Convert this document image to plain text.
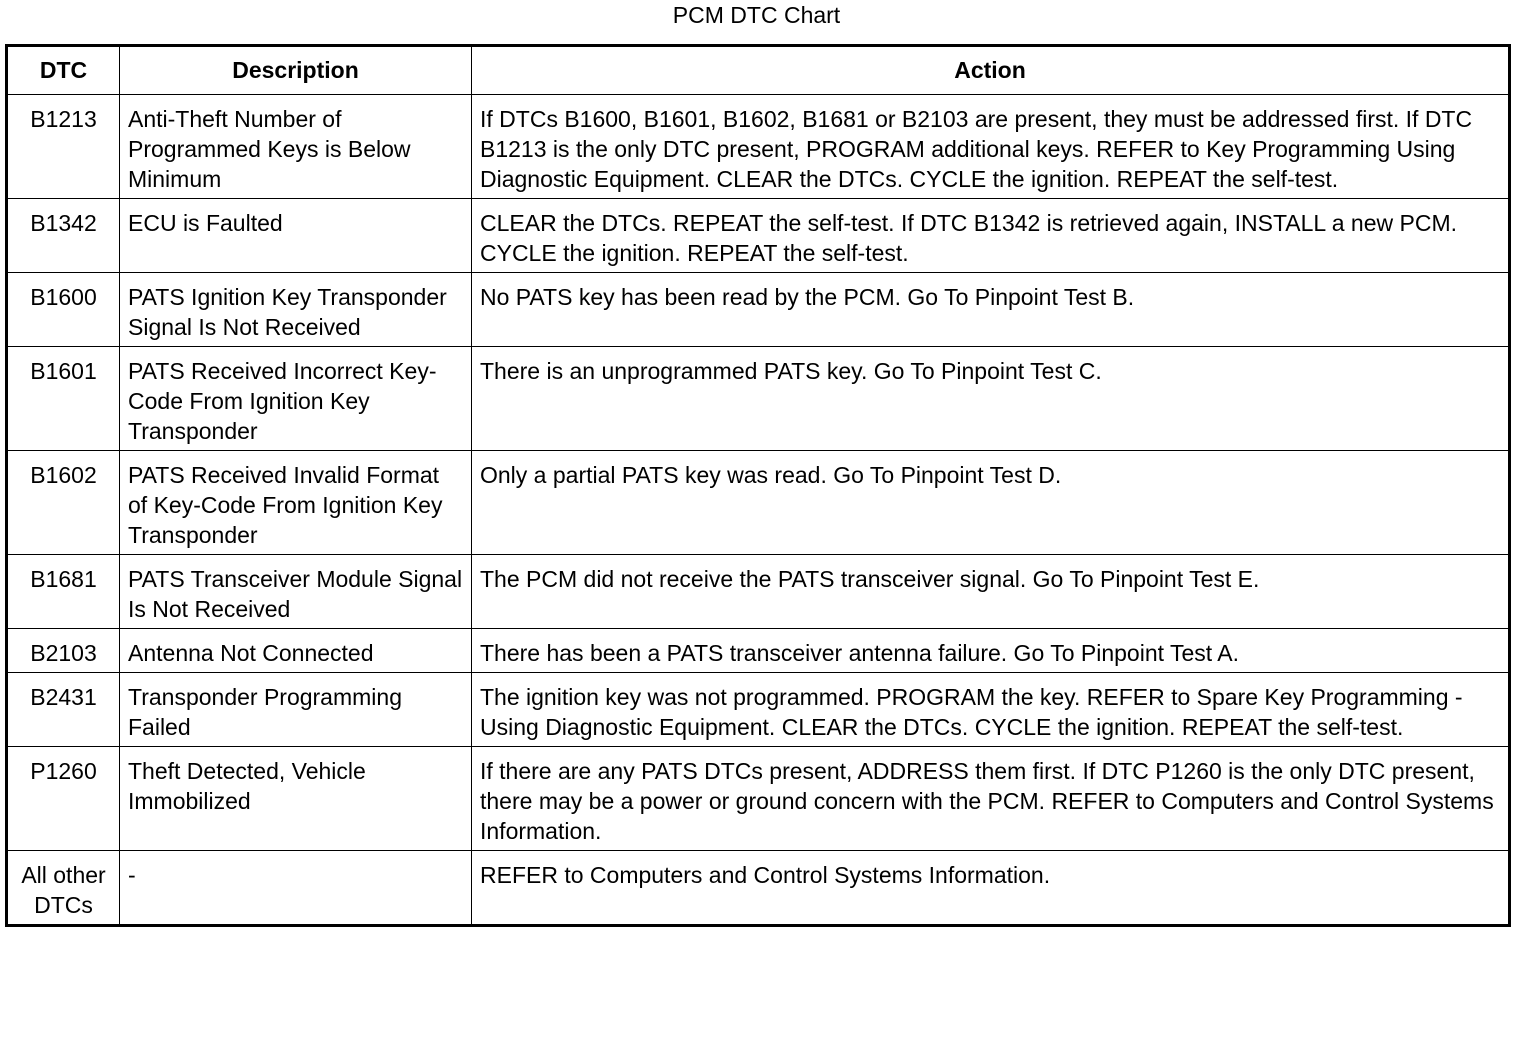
PCM DTC Chart
DTC	Description	Action
B1213	Anti-Theft Number of Programmed Keys is Below Minimum	If DTCs B1600, B1601, B1602, B1681 or B2103 are present, they must be addressed first. If DTC B1213 is the only DTC present, PROGRAM additional keys. REFER to Key Programming Using Diagnostic Equipment. CLEAR the DTCs. CYCLE the ignition. REPEAT the self-test.
B1342	ECU is Faulted	CLEAR the DTCs. REPEAT the self-test. If DTC B1342 is retrieved again, INSTALL a new PCM. CYCLE the ignition. REPEAT the self-test.
B1600	PATS Ignition Key Transponder Signal Is Not Received	No PATS key has been read by the PCM. Go To Pinpoint Test B.
B1601	PATS Received Incorrect Key-Code From Ignition Key Transponder	There is an unprogrammed PATS key. Go To Pinpoint Test C.
B1602	PATS Received Invalid Format of Key-Code From Ignition Key Transponder	Only a partial PATS key was read. Go To Pinpoint Test D.
B1681	PATS Transceiver Module Signal Is Not Received	The PCM did not receive the PATS transceiver signal. Go To Pinpoint Test E.
B2103	Antenna Not Connected	There has been a PATS transceiver antenna failure. Go To Pinpoint Test A.
B2431	Transponder Programming Failed	The ignition key was not programmed. PROGRAM the key. REFER to Spare Key Programming - Using Diagnostic Equipment. CLEAR the DTCs. CYCLE the ignition. REPEAT the self-test.
P1260	Theft Detected, Vehicle Immobilized	If there are any PATS DTCs present, ADDRESS them first. If DTC P1260 is the only DTC present, there may be a power or ground concern with the PCM. REFER to Computers and Control Systems Information.
All other DTCs	-	REFER to Computers and Control Systems Information.
